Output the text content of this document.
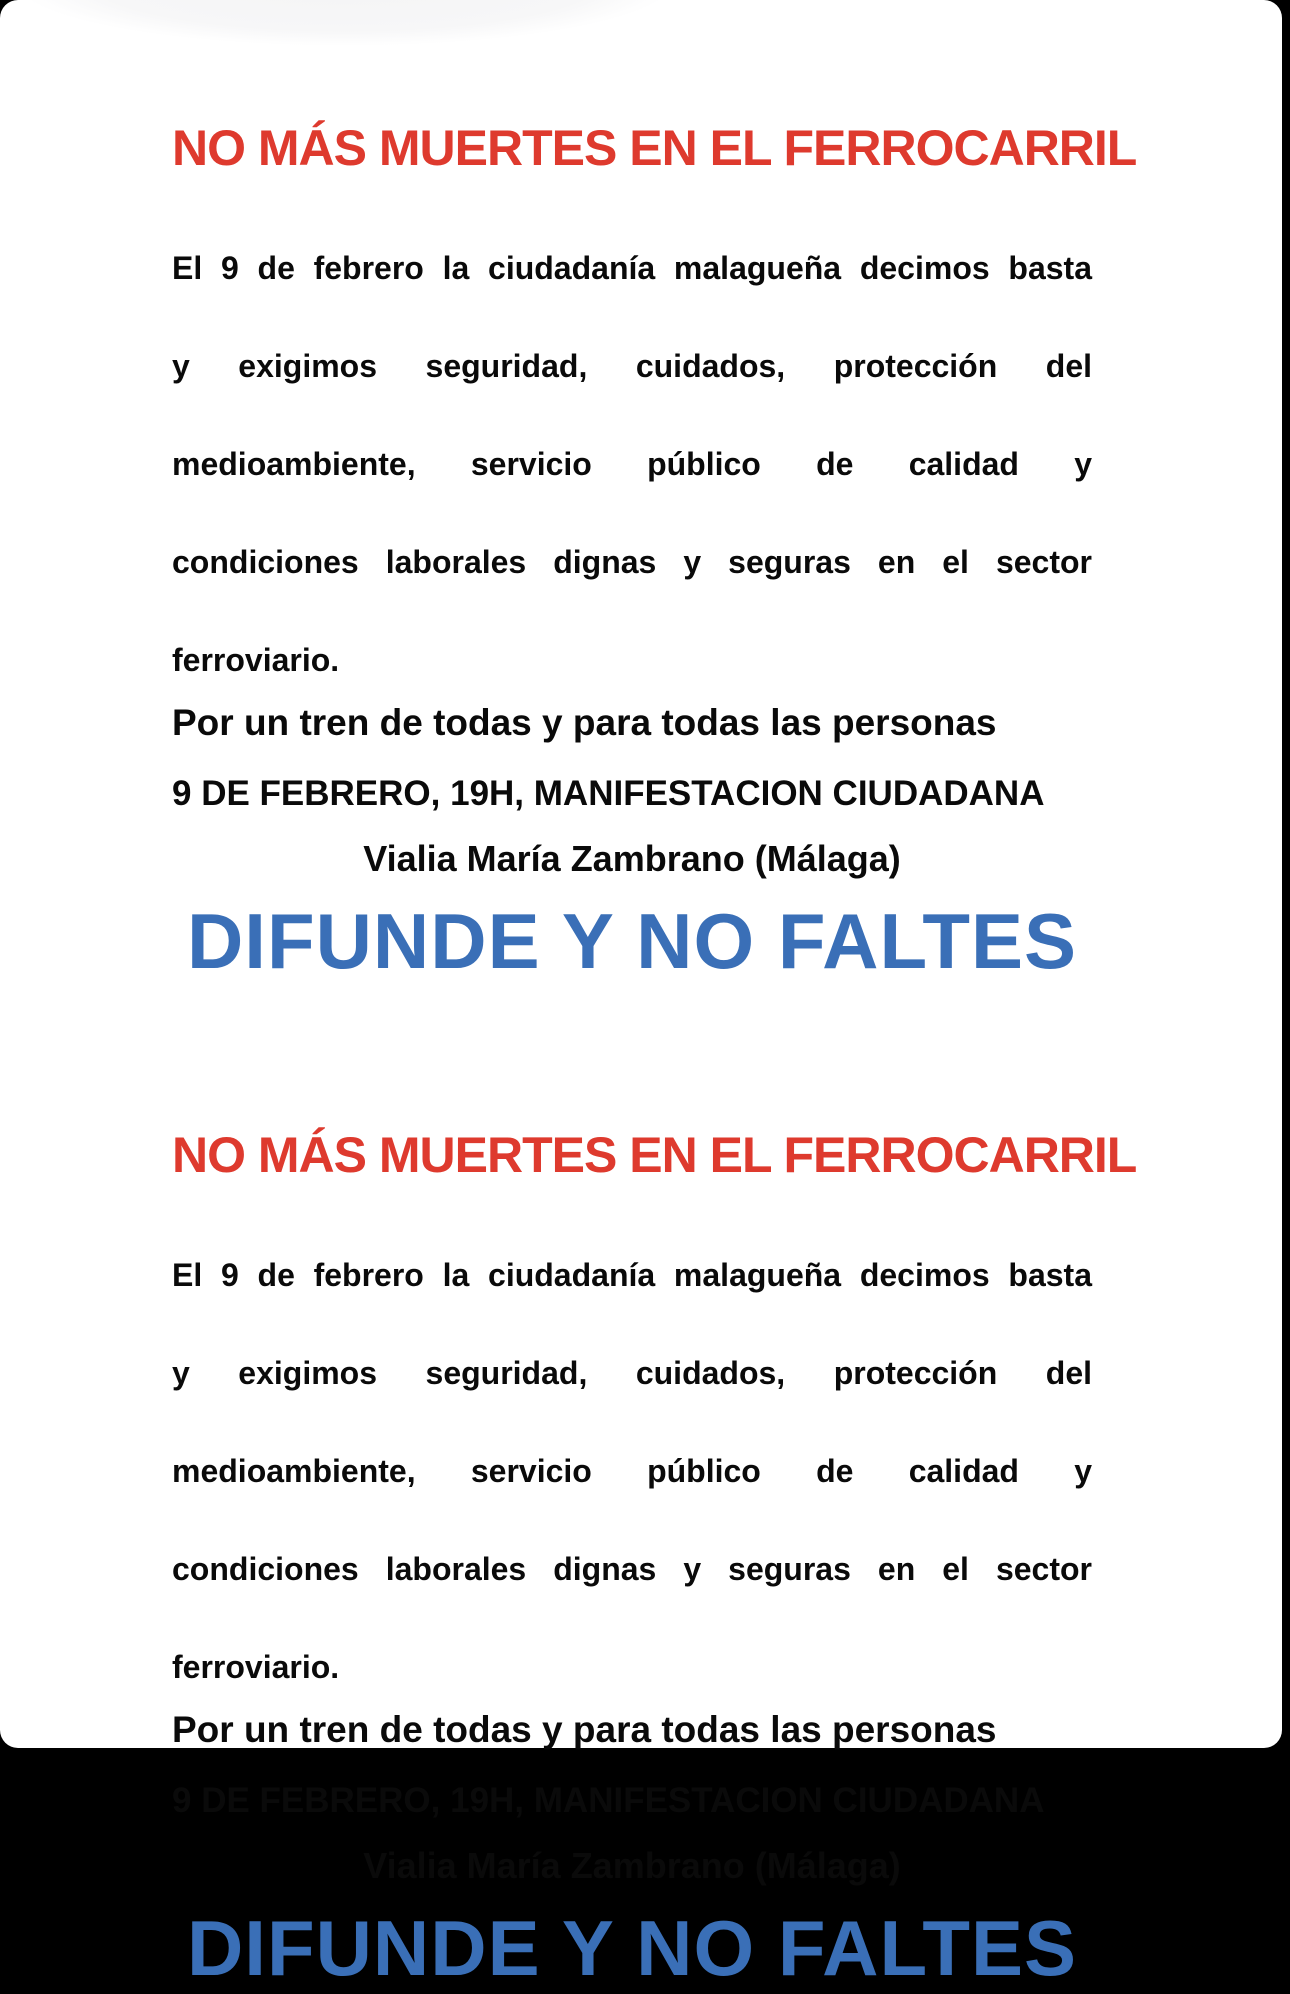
NO MÁS MUERTES EN EL FERROCARRIL
El 9 de febrero la ciudadanía malagueña decimos basta
y exigimos seguridad, cuidados, protección del
medioambiente, servicio público de calidad y
condiciones laborales dignas y seguras en el sector
ferroviario.

Por un tren de todas y para todas las personas

9 DE FEBRERO, 19H, MANIFESTACION CIUDADANA

Vialia María Zambrano (Málaga)

DIFUNDE Y NO FALTES

NO MÁS MUERTES EN EL FERROCARRIL
El 9 de febrero la ciudadanía malagueña decimos basta
y exigimos seguridad, cuidados, protección del
medioambiente, servicio público de calidad y
condiciones laborales dignas y seguras en el sector
ferroviario.

Por un tren de todas y para todas las personas

9 DE FEBRERO, 19H, MANIFESTACION CIUDADANA

Vialia María Zambrano (Málaga)

DIFUNDE Y NO FALTES
